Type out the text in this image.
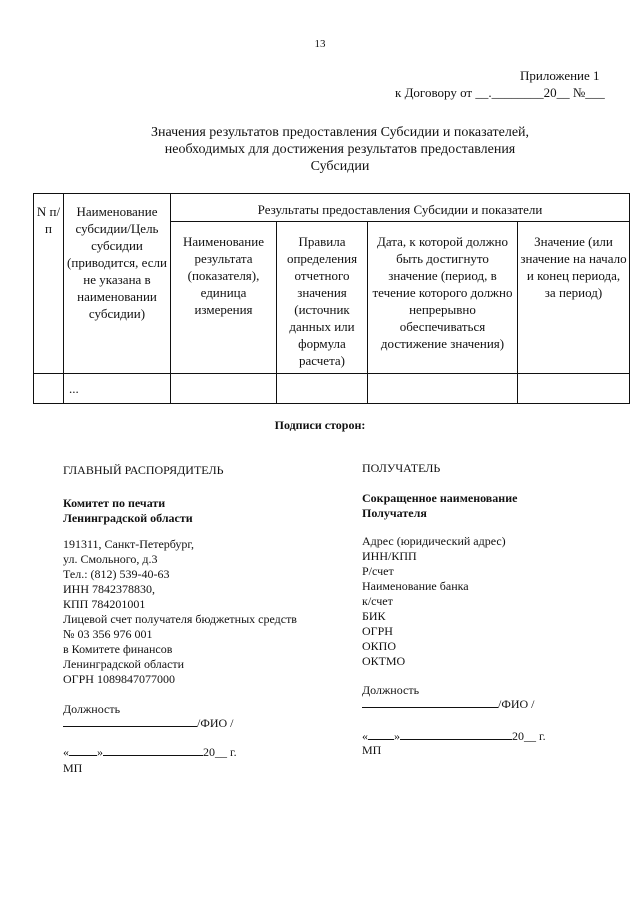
13
Приложение 1
к Договору от __.________20__ №___
Значения результатов предоставления Субсидии и показателей,
необходимых для достижения результатов предоставления
Субсидии
N п/п	Наименование субсидии/Цель субсидии (приводится, если не указана в наименовании субсидии)	Результаты предоставления Субсидии и показатели			
		Наименование результата (показателя), единица измерения	Правила определения отчетного значения (источник данных или формула расчета)	Дата, к которой должно быть достигнуто значение (период, в течение которого должно непрерывно обеспечиваться достижение значения)	Значение (или значение на начало и конец периода, за период)
	...				
Подписи сторон:
ГЛАВНЫЙ РАСПОРЯДИТЕЛЬ
Комитет по печати
Ленинградской области
191311, Санкт-Петербург,
ул. Смольного, д.3
Тел.: (812) 539-40-63
ИНН 7842378830,
КПП 784201001
Лицевой счет получателя бюджетных средств
№ 03 356 976 001
в Комитете финансов
Ленинградской области
ОГРН 1089847077000
Должность
/ФИО /
« »	20__ г.
МП
ПОЛУЧАТЕЛЬ
Сокращенное наименование
Получателя
Адрес (юридический адрес)
ИНН/КПП
Р/счет
Наименование банка
к/счет
БИК
ОГРН
ОКПО
ОКТМО
Должность
/ФИО /
« »	20__ г.
МП
